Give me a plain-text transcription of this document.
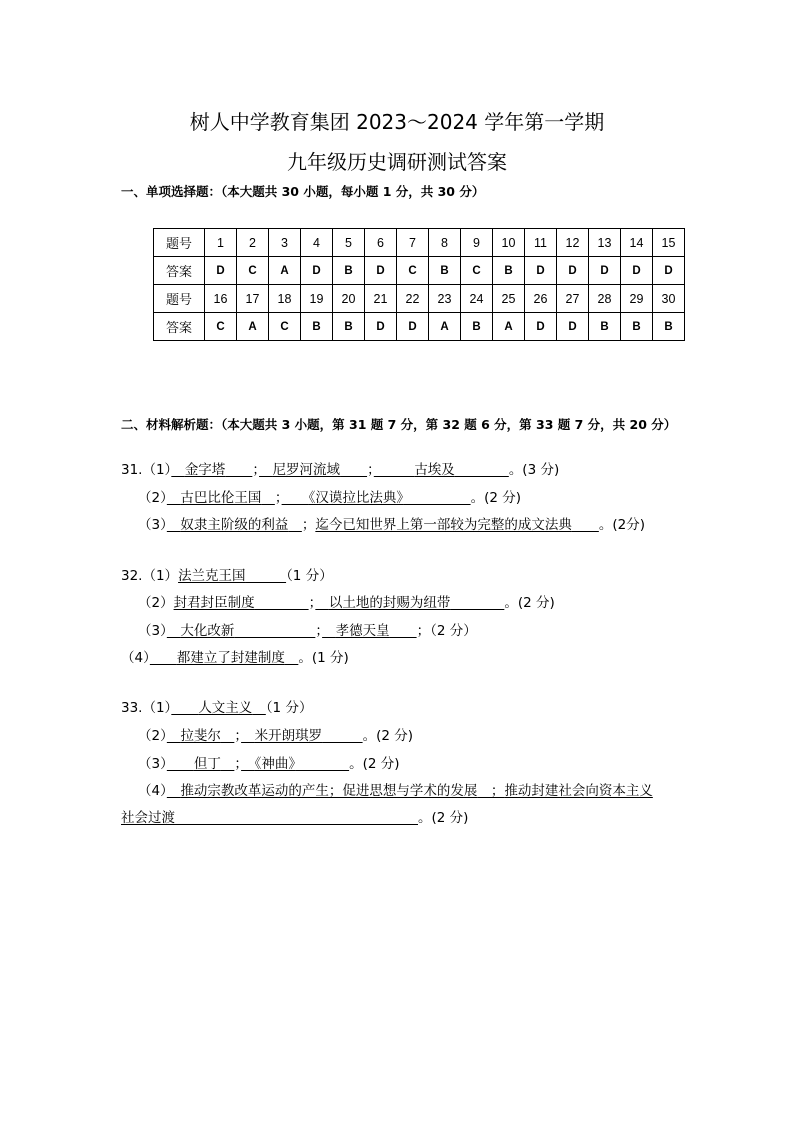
树人中学教育集团 2023～2024 学年第一学期
九年级历史调研测试答案
一、单项选择题：（本大题共 30 小题，每小题 1 分，共 30 分）
题号	1	2	3	4	5	6	7	8	9	10	11	12	13	14	15
答案	D	C	A	D	B	D	C	B	C	B	D	D	D	D	D
题号	16	17	18	19	20	21	22	23	24	25	26	27	28	29	30
答案	C	A	C	B	B	D	D	A	B	A	D	D	B	B	B
二、材料解析题：（本大题共 3 小题，第 31 题 7 分，第 32 题 6 分，第 33 题 7 分，共 20 分）
31.（1）　 金字塔　　 ；　 尼罗河流域　　 ；　　　	古埃及　　　　	。(3 分)
（2）　 古巴比伦王国　 ；　　 《汉谟拉比法典》　　　　　	。(2 分)
（3）　 奴隶主阶级的利益　 ；迄今已知世界上第一部较为完整的成文法典　　 。(2分)
32.（1）法兰克王国　　　	（1 分）
（2）封君封臣制度　　　　	；　 以土地的封赐为纽带　　　　	。(2 分)
（3）　 大化改新　　　　　　	；　 孝德天皇　　 ；（2 分）
（4）　　 都建立了封建制度　 。(1 分)
33.（1）　　 人文主义　 （1 分）
（2）　 拉斐尔　 ；　 米开朗琪罗　　　	。(2 分)
（3）　　 但丁　 ；　 《神曲》　　　　	。(2 分)
（4）　 推动宗教改革运动的产生；促进思想与学术的发展　；推动封建社会向资本主义
社会过渡　　　　　　　　　　　　　　　　　　	。(2 分)
